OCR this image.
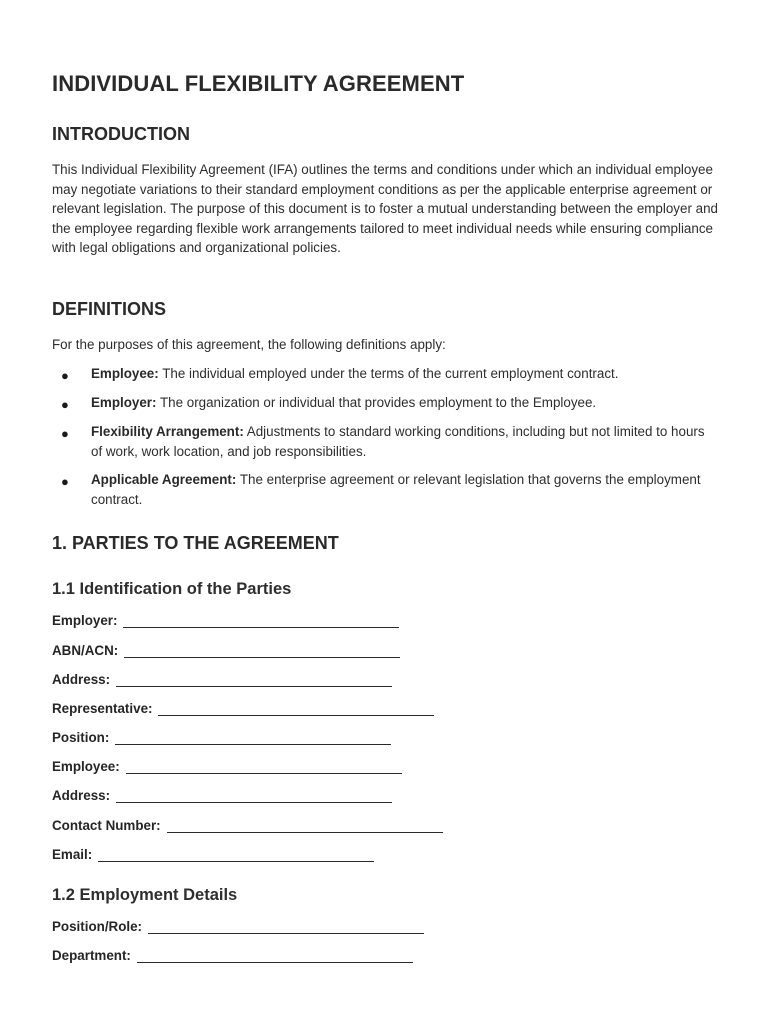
INDIVIDUAL FLEXIBILITY AGREEMENT
INTRODUCTION

This Individual Flexibility Agreement (IFA) outlines the terms and conditions under which an individual employee may negotiate variations to their standard employment conditions as per the applicable enterprise agreement or relevant legislation. The purpose of this document is to foster a mutual understanding between the employer and the employee regarding flexible work arrangements tailored to meet individual needs while ensuring compliance with legal obligations and organizational policies.

DEFINITIONS

For the purposes of this agreement, the following definitions apply:

● Employee: The individual employed under the terms of the current employment contract.
● Employer: The organization or individual that provides employment to the Employee.
● Flexibility Arrangement: Adjustments to standard working conditions, including but not limited to hours of work, work location, and job responsibilities.
● Applicable Agreement: The enterprise agreement or relevant legislation that governs the employment contract.
1. PARTIES TO THE AGREEMENT
1.1 Identification of the Parties
Employer:
ABN/ACN:
Address:
Representative:
Position:
Employee:
Address:
Contact Number:
Email:
1.2 Employment Details
Position/Role:
Department:
